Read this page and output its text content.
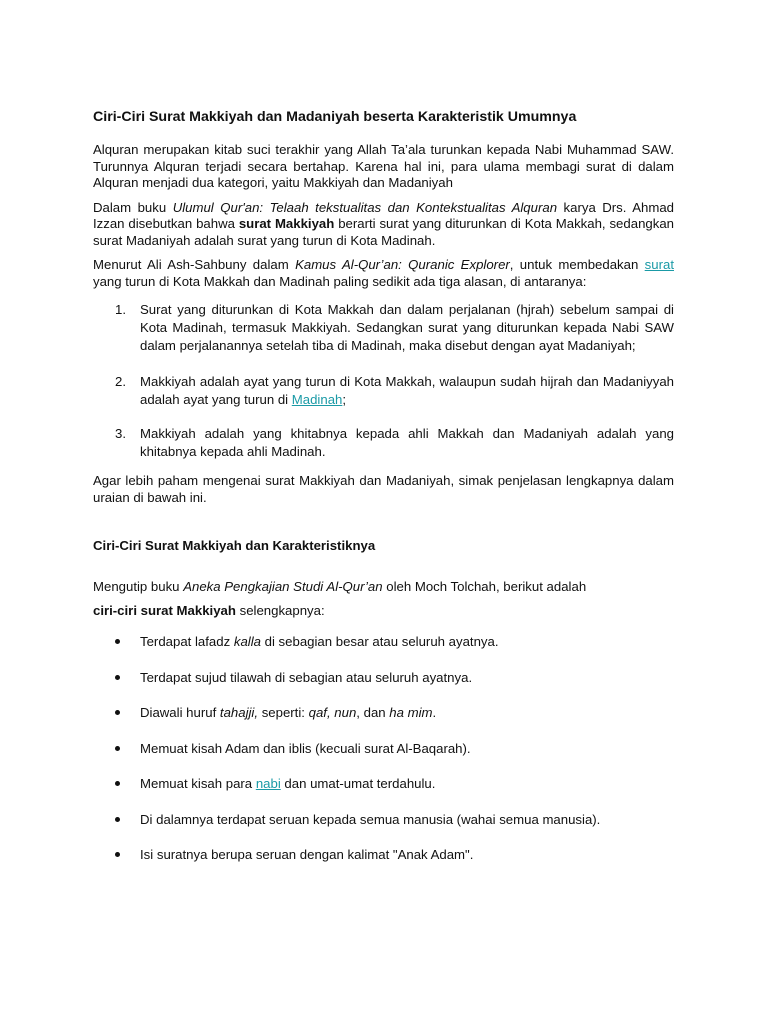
Ciri-Ciri Surat Makkiyah dan Madaniyah beserta Karakteristik Umumnya

Alquran merupakan kitab suci terakhir yang Allah Ta’ala turunkan kepada Nabi Muhammad SAW. Turunnya Alquran terjadi secara bertahap. Karena hal ini, para ulama membagi surat di dalam Alquran menjadi dua kategori, yaitu Makkiyah dan Madaniyah

Dalam buku Ulumul Qur'an: Telaah tekstualitas dan Kontekstualitas Alquran karya Drs. Ahmad Izzan disebutkan bahwa surat Makkiyah berarti surat yang diturunkan di Kota Makkah, sedangkan surat Madaniyah adalah surat yang turun di Kota Madinah.

Menurut Ali Ash-Sahbuny dalam Kamus Al-Qur’an: Quranic Explorer, untuk membedakan surat yang turun di Kota Makkah dan Madinah paling sedikit ada tiga alasan, di antaranya:

1. Surat yang diturunkan di Kota Makkah dan dalam perjalanan (hjrah) sebelum sampai di Kota Madinah, termasuk Makkiyah. Sedangkan surat yang diturunkan kepada Nabi SAW dalam perjalanannya setelah tiba di Madinah, maka disebut dengan ayat Madaniyah;
2. Makkiyah adalah ayat yang turun di Kota Makkah, walaupun sudah hijrah dan Madaniyyah adalah ayat yang turun di Madinah;
3. Makkiyah adalah yang khitabnya kepada ahli Makkah dan Madaniyah adalah yang khitabnya kepada ahli Madinah.

Agar lebih paham mengenai surat Makkiyah dan Madaniyah, simak penjelasan lengkapnya dalam uraian di bawah ini.

Ciri-Ciri Surat Makkiyah dan Karakteristiknya

Mengutip buku Aneka Pengkajian Studi Al-Qur’an oleh Moch Tolchah, berikut adalah

ciri-ciri surat Makkiyah selengkapnya:

Terdapat lafadz kalla di sebagian besar atau seluruh ayatnya.
Terdapat sujud tilawah di sebagian atau seluruh ayatnya.
Diawali huruf tahajji, seperti: qaf, nun, dan ha mim.
Memuat kisah Adam dan iblis (kecuali surat Al-Baqarah).
Memuat kisah para nabi dan umat-umat terdahulu.
Di dalamnya terdapat seruan kepada semua manusia (wahai semua manusia).
Isi suratnya berupa seruan dengan kalimat "Anak Adam".
